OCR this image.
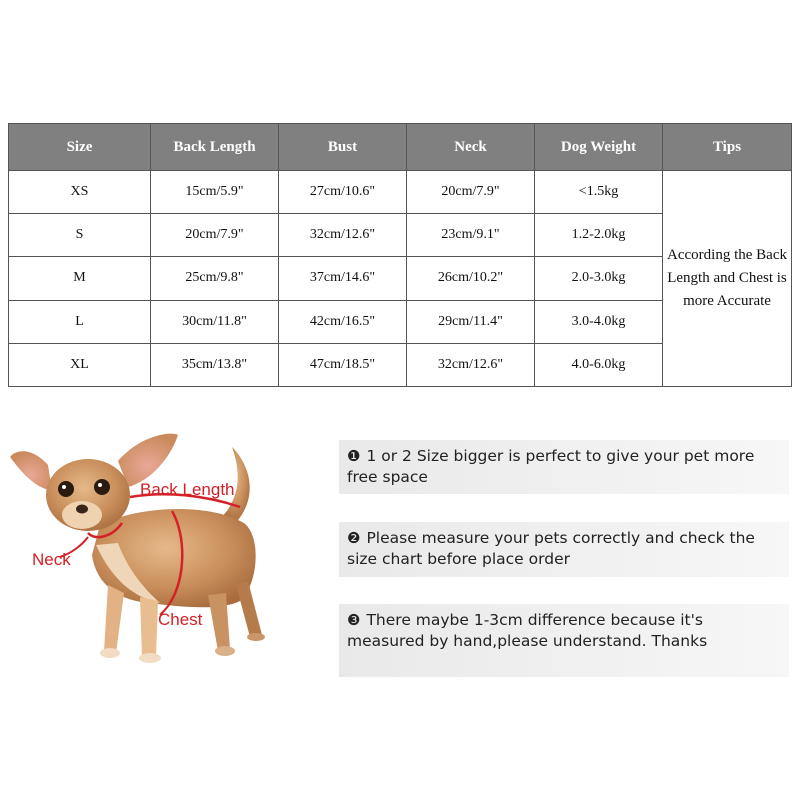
Size	Back Length	Bust	Neck	Dog Weight	Tips
XS	15cm/5.9"	27cm/10.6"	20cm/7.9"	<1.5kg	According the Back Length and Chest is more Accurate
S	20cm/7.9"	32cm/12.6"	23cm/9.1"	1.2-2.0kg	
M	25cm/9.8"	37cm/14.6"	26cm/10.2"	2.0-3.0kg	
L	30cm/11.8"	42cm/16.5"	29cm/11.4"	3.0-4.0kg	
XL	35cm/13.8"	47cm/18.5"	32cm/12.6"	4.0-6.0kg	
Back Length
Neck
Chest
❶ 1 or 2 Size bigger is perfect to give your pet more free space
❷ Please measure your pets correctly and check the size chart before place order
❸ There maybe 1-3cm difference because it's measured by hand,please understand. Thanks
